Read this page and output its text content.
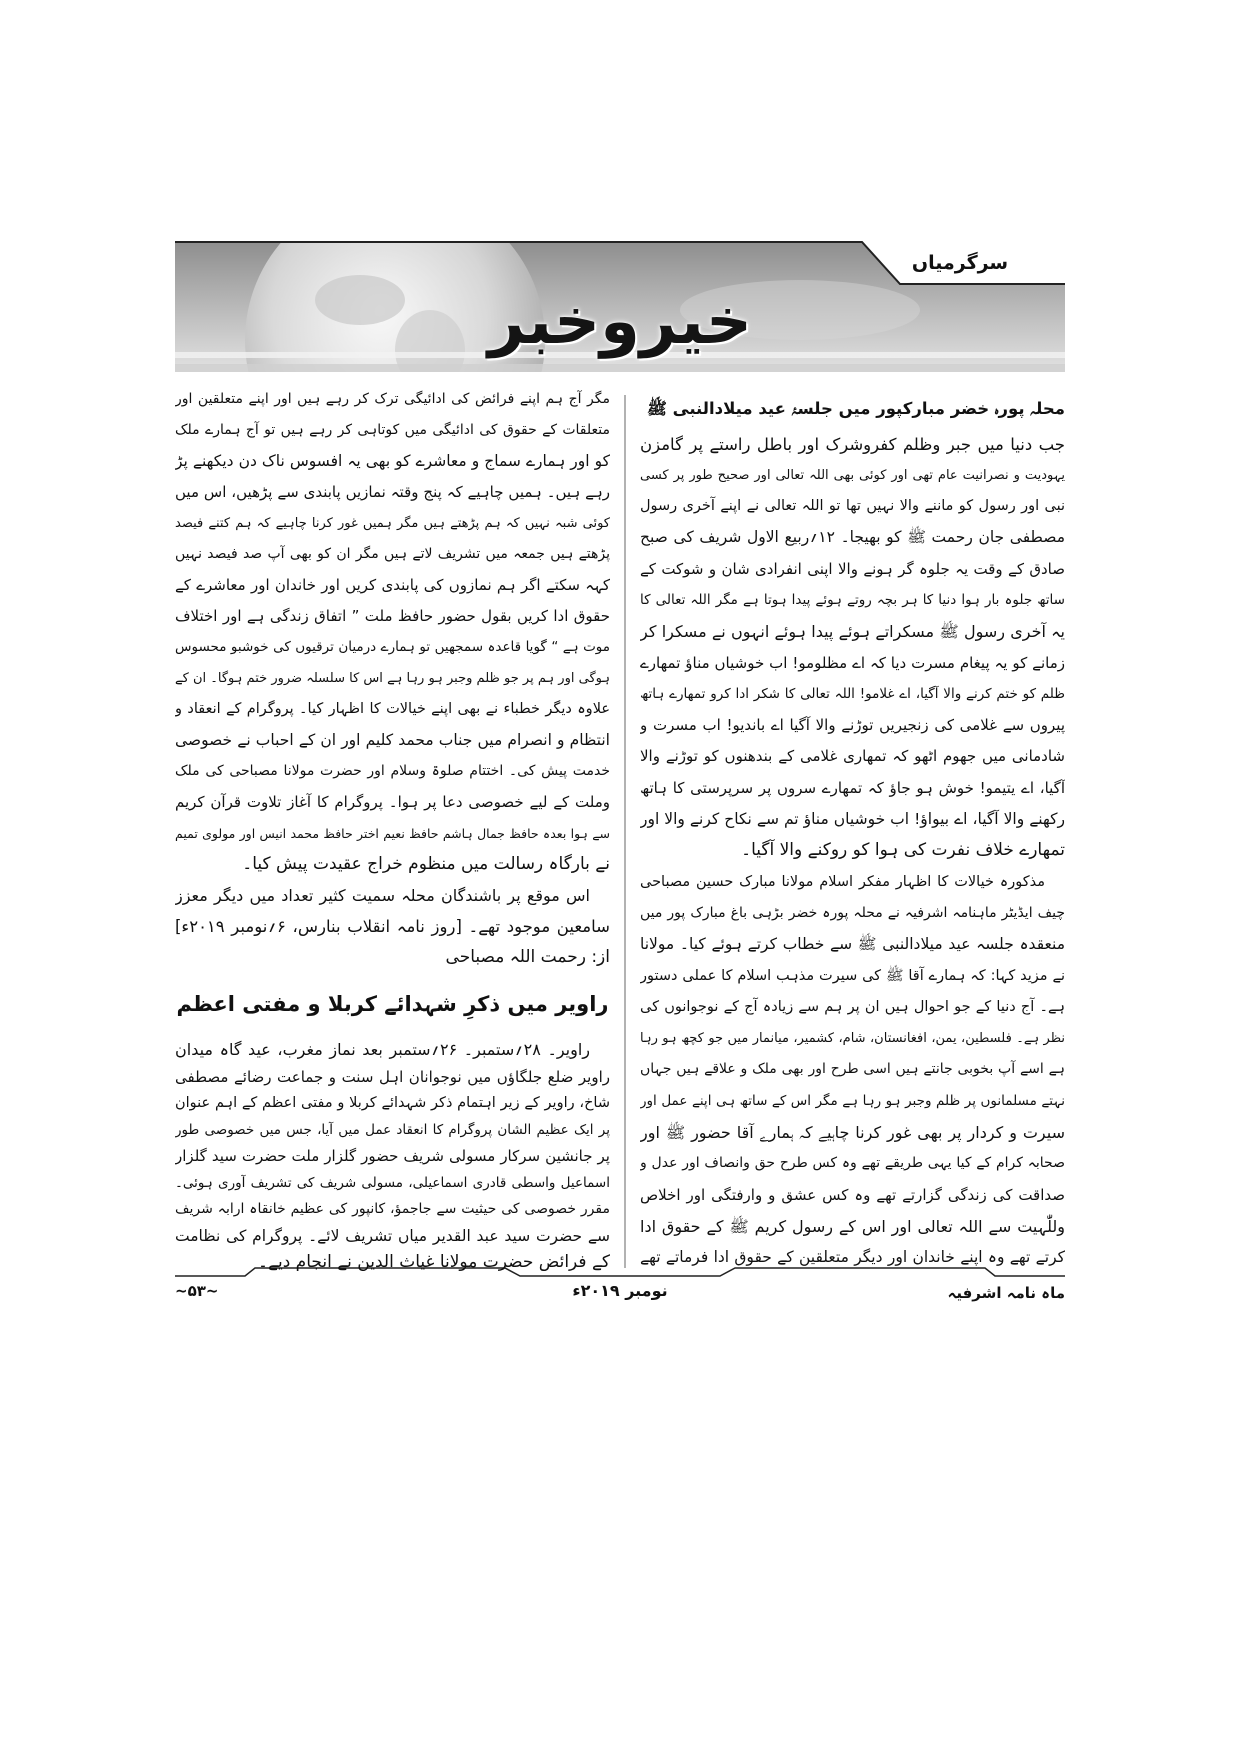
سرگرمیاں
خیروخبر
محلہ پورہ خضر مبارکپور میں جلسۂ عید میلادالنبی ﷺ
جب دنیا میں جبر وظلم کفروشرک اور باطل راستے پر گامزن
یہودیت و نصرانیت عام تھی اور کوئی بھی اللہ تعالی اور صحیح طور پر کسی
نبی اور رسول کو ماننے والا نہیں تھا تو اللہ تعالی نے اپنے آخری رسول
مصطفی جان رحمت ﷺ کو بھیجا۔ ۱۲؍ربیع الاول شریف کی صبح
صادق کے وقت یہ جلوہ گر ہونے والا اپنی انفرادی شان و شوکت کے
ساتھ جلوہ بار ہوا دنیا کا ہر بچہ روتے ہوئے پیدا ہوتا ہے مگر اللہ تعالی کا
یہ آخری رسول ﷺ مسکراتے ہوئے پیدا ہوئے انہوں نے مسکرا کر
زمانے کو یہ پیغام مسرت دیا کہ اے مظلومو! اب خوشیاں مناؤ تمھارے
ظلم کو ختم کرنے والا آگیا، اے غلامو! اللہ تعالی کا شکر ادا کرو تمھارے ہاتھ
پیروں سے غلامی کی زنجیریں توڑنے والا آگیا اے باندیو! اب مسرت و
شادمانی میں جھوم اٹھو کہ تمھاری غلامی کے بندھنوں کو توڑنے والا
آگیا، اے یتیمو! خوش ہو جاؤ کہ تمھارے سروں پر سرپرستی کا ہاتھ
رکھنے والا آگیا، اے بیواؤ! اب خوشیاں مناؤ تم سے نکاح کرنے والا اور
تمھارے خلاف نفرت کی ہوا کو روکنے والا آگیا۔
مذکورہ خیالات کا اظہار مفکر اسلام مولانا مبارک حسین مصباحی
چیف ایڈیٹر ماہنامہ اشرفیہ نے محلہ پورہ خضر بڑہی باغ مبارک پور میں
منعقدہ جلسہ عید میلادالنبی ﷺ سے خطاب کرتے ہوئے کیا۔ مولانا
نے مزید کہا: کہ ہمارے آقا ﷺ کی سیرت مذہب اسلام کا عملی دستور
ہے۔ آج دنیا کے جو احوال ہیں ان پر ہم سے زیادہ آج کے نوجوانوں کی
نظر ہے۔ فلسطین، یمن، افغانستان، شام، کشمیر، میانمار میں جو کچھ ہو رہا
ہے اسے آپ بخوبی جانتے ہیں اسی طرح اور بھی ملک و علاقے ہیں جہاں
نہتے مسلمانوں پر ظلم وجبر ہو رہا ہے مگر اس کے ساتھ ہی اپنے عمل اور
سیرت و کردار پر بھی غور کرنا چاہیے کہ ہمارے آقا حضور ﷺ اور
صحابہ کرام کے کیا یہی طریقے تھے وہ کس طرح حق وانصاف اور عدل و
صداقت کی زندگی گزارتے تھے وہ کس عشق و وارفتگی اور اخلاص
وللّٰہیت سے اللہ تعالی اور اس کے رسول کریم ﷺ کے حقوق ادا
کرتے تھے وہ اپنے خاندان اور دیگر متعلقین کے حقوق ادا فرماتے تھے
مگر آج ہم اپنے فرائض کی ادائیگی ترک کر رہے ہیں اور اپنے متعلقین اور
متعلقات کے حقوق کی ادائیگی میں کوتاہی کر رہے ہیں تو آج ہمارے ملک
کو اور ہمارے سماج و معاشرے کو بھی یہ افسوس ناک دن دیکھنے پڑ
رہے ہیں۔ ہمیں چاہیے کہ پنج وقتہ نمازیں پابندی سے پڑھیں، اس میں
کوئی شبہ نہیں کہ ہم پڑھتے ہیں مگر ہمیں غور کرنا چاہیے کہ ہم کتنے فیصد
پڑھتے ہیں جمعہ میں تشریف لاتے ہیں مگر ان کو بھی آپ صد فیصد نہیں
کہہ سکتے اگر ہم نمازوں کی پابندی کریں اور خاندان اور معاشرے کے
حقوق ادا کریں بقول حضور حافظ ملت ” اتفاق زندگی ہے اور اختلاف
موت ہے “ گویا قاعدہ سمجھیں تو ہمارے درمیان ترقیوں کی خوشبو محسوس
ہوگی اور ہم پر جو ظلم وجبر ہو رہا ہے اس کا سلسلہ ضرور ختم ہوگا۔ ان کے
علاوہ دیگر خطباء نے بھی اپنے خیالات کا اظہار کیا۔ پروگرام کے انعقاد و
انتظام و انصرام میں جناب محمد کلیم اور ان کے احباب نے خصوصی
خدمت پیش کی۔ اختتام صلوۃ وسلام اور حضرت مولانا مصباحی کی ملک
وملت کے لیے خصوصی دعا پر ہوا۔ پروگرام کا آغاز تلاوت قرآن کریم
سے ہوا بعدہ حافظ جمال ہاشم حافظ نعیم اختر حافظ محمد انیس اور مولوی تمیم
نے بارگاہ رسالت میں منظوم خراج عقیدت پیش کیا۔
اس موقع پر باشندگان محلہ سمیت کثیر تعداد میں دیگر معزز
سامعین موجود تھے۔ [روز نامہ انقلاب بنارس، ۶؍نومبر ۲۰۱۹ء]
از: رحمت اللہ مصباحی
راویر میں ذکرِ شہدائے کربلا و مفتی اعظم
راویر۔ ۲۸؍ستمبر۔ ۲۶؍ستمبر بعد نماز مغرب، عید گاہ میدان
راویر ضلع جلگاؤں میں نوجوانان اہل سنت و جماعت رضائے مصطفی
شاخ، راویر کے زیر اہتمام ذکر شہدائے کربلا و مفتی اعظم کے اہم عنوان
پر ایک عظیم الشان پروگرام کا انعقاد عمل میں آیا، جس میں خصوصی طور
پر جانشین سرکار مسولی شریف حضور گلزار ملت حضرت سید گلزار
اسماعیل واسطی قادری اسماعیلی، مسولی شریف کی تشریف آوری ہوئی۔
مقرر خصوصی کی حیثیت سے جاجمؤ، کانپور کی عظیم خانقاہ ارابہ شریف
سے حضرت سید عبد القدیر میاں تشریف لائے۔ پروگرام کی نظامت
کے فرائض حضرت مولانا غیاث الدین نے انجام دیے۔
ماہ نامہ اشرفیہ
نومبر ۲۰۱۹ء
~۵۳~
